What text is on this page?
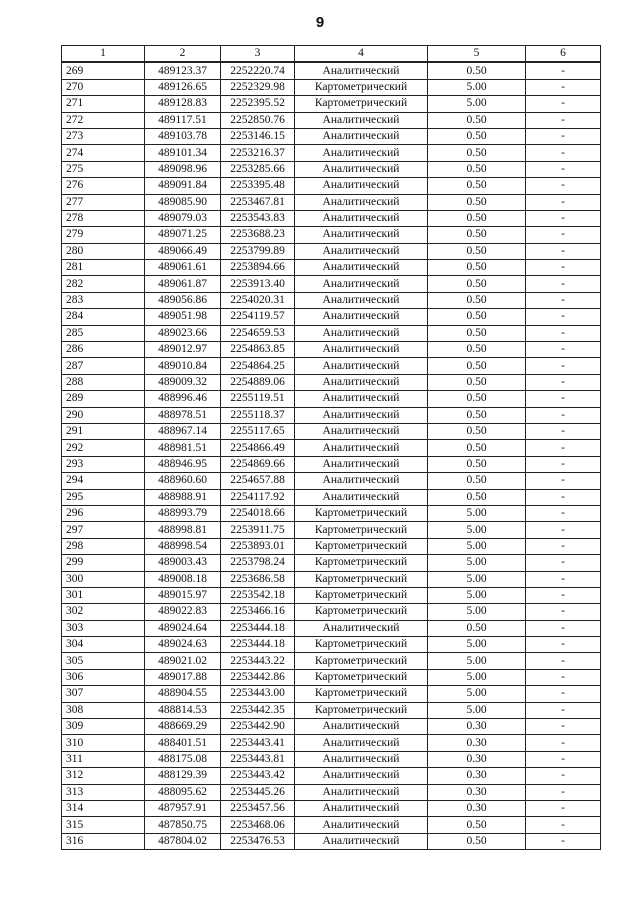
9
1	2	3	4	5	6
269	489123.37	2252220.74	Аналитический	0.50	-
270	489126.65	2252329.98	Картометрический	5.00	-
271	489128.83	2252395.52	Картометрический	5.00	-
272	489117.51	2252850.76	Аналитический	0.50	-
273	489103.78	2253146.15	Аналитический	0.50	-
274	489101.34	2253216.37	Аналитический	0.50	-
275	489098.96	2253285.66	Аналитический	0.50	-
276	489091.84	2253395.48	Аналитический	0.50	-
277	489085.90	2253467.81	Аналитический	0.50	-
278	489079.03	2253543.83	Аналитический	0.50	-
279	489071.25	2253688.23	Аналитический	0.50	-
280	489066.49	2253799.89	Аналитический	0.50	-
281	489061.61	2253894.66	Аналитический	0.50	-
282	489061.87	2253913.40	Аналитический	0.50	-
283	489056.86	2254020.31	Аналитический	0.50	-
284	489051.98	2254119.57	Аналитический	0.50	-
285	489023.66	2254659.53	Аналитический	0.50	-
286	489012.97	2254863.85	Аналитический	0.50	-
287	489010.84	2254864.25	Аналитический	0.50	-
288	489009.32	2254889.06	Аналитический	0.50	-
289	488996.46	2255119.51	Аналитический	0.50	-
290	488978.51	2255118.37	Аналитический	0.50	-
291	488967.14	2255117.65	Аналитический	0.50	-
292	488981.51	2254866.49	Аналитический	0.50	-
293	488946.95	2254869.66	Аналитический	0.50	-
294	488960.60	2254657.88	Аналитический	0.50	-
295	488988.91	2254117.92	Аналитический	0.50	-
296	488993.79	2254018.66	Картометрический	5.00	-
297	488998.81	2253911.75	Картометрический	5.00	-
298	488998.54	2253893.01	Картометрический	5.00	-
299	489003.43	2253798.24	Картометрический	5.00	-
300	489008.18	2253686.58	Картометрический	5.00	-
301	489015.97	2253542.18	Картометрический	5.00	-
302	489022.83	2253466.16	Картометрический	5.00	-
303	489024.64	2253444.18	Аналитический	0.50	-
304	489024.63	2253444.18	Картометрический	5.00	-
305	489021.02	2253443.22	Картометрический	5.00	-
306	489017.88	2253442.86	Картометрический	5.00	-
307	488904.55	2253443.00	Картометрический	5.00	-
308	488814.53	2253442.35	Картометрический	5.00	-
309	488669.29	2253442.90	Аналитический	0.30	-
310	488401.51	2253443.41	Аналитический	0.30	-
311	488175.08	2253443.81	Аналитический	0.30	-
312	488129.39	2253443.42	Аналитический	0.30	-
313	488095.62	2253445.26	Аналитический	0.30	-
314	487957.91	2253457.56	Аналитический	0.30	-
315	487850.75	2253468.06	Аналитический	0.50	-
316	487804.02	2253476.53	Аналитический	0.50	-
